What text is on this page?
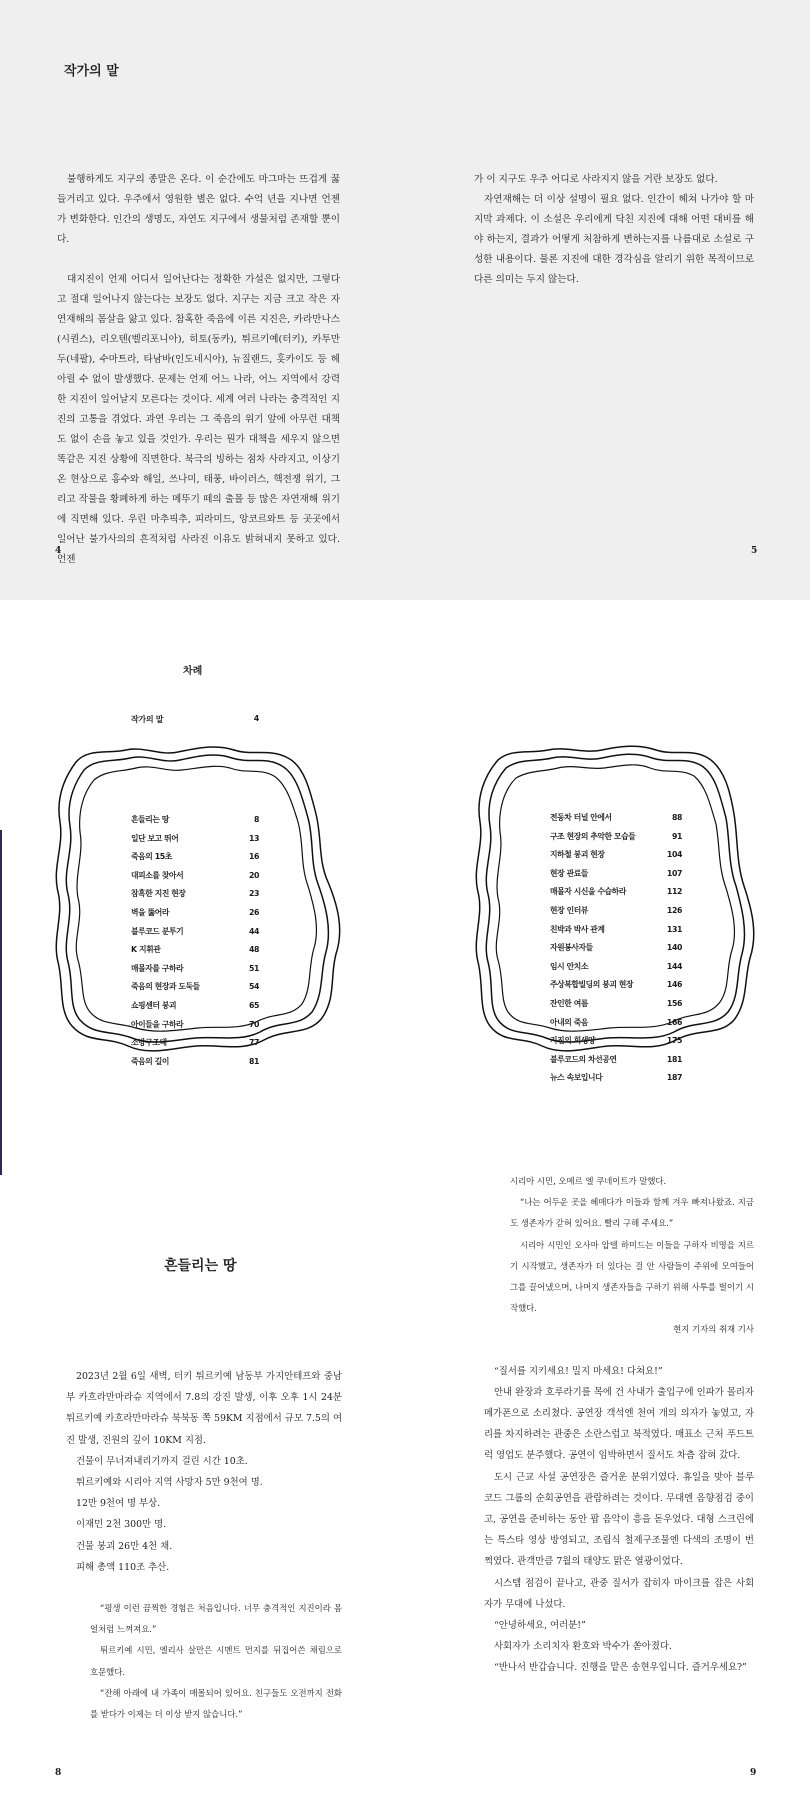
작가의 말

불행하게도 지구의 종말은 온다. 이 순간에도 마그마는 뜨겁게 꿇들거리고 있다. 우주에서 영원한 별은 없다. 수억 년을 지나면 언젠가 변화한다. 인간의 생명도, 자연도 지구에서 생물처럼 존재할 뿐이다.

대지진이 언제 어디서 일어난다는 정확한 가설은 없지만, 그렇다고 절대 일어나지 않는다는 보장도 없다. 지구는 지금 크고 작은 자연재해의 몸살을 앓고 있다. 참혹한 죽음에 이른 지진은, 카라만나스(시퀀스), 리오텐(벨리포니아), 히토(동카), 튀르키예(터키), 카투만두(네팔), 수마트라, 타남바(인도네시아), 뉴질랜드, 홋카이도 등 헤아릴 수 없이 발생했다. 문제는 언제 어느 나라, 어느 지역에서 강력한 지진이 일어날지 모른다는 것이다. 세계 여러 나라는 충격적인 지진의 고통을 겪었다. 과연 우리는 그 죽음의 위기 앞에 아무런 대책도 없이 손을 놓고 있을 것인가. 우리는 뭔가 대책을 세우지 않으면 똑같은 지진 상황에 직면한다. 북극의 빙하는 점차 사라지고, 이상기온 현상으로 홍수와 해일, 쓰나미, 태풍, 바이러스, 핵전쟁 위기, 그리고 작물을 황폐하게 하는 메뚜기 떼의 출몰 등 많은 자연재해 위기에 직면해 있다. 우린 마추픽추, 피라미드, 앙코르와트 등 곳곳에서 일어난 불가사의의 흔적처럼 사라진 이유도 밝혀내지 못하고 있다. 언젠

가 이 지구도 우주 어디로 사라지지 않을 거란 보장도 없다.

자연재해는 더 이상 설명이 필요 없다. 인간이 헤쳐 나가야 할 마지막 과제다. 이 소설은 우리에게 닥친 지진에 대해 어떤 대비를 해야 하는지, 결과가 어떻게 처참하게 변하는지를 나름대로 소설로 구성한 내용이다. 물론 지진에 대한 경각심을 알리기 위한 목적이므로 다른 의미는 두지 않는다.

4	5
차례
작가의 말	4
흔들리는 땅	8
일단 보고 뛰어	13
죽음의 15초	16
대피소를 찾아서	20
참혹한 지진 현장	23
벽을 뚫어라	26
블루코드 분투기	44
K 지휘관	48
매몰자를 구하라	51
죽음의 현장과 도둑들	54
쇼핑센터 붕괴	65
아이들을 구하라	70
소방구조대	77
죽음의 길이	81
전동차 터널 안에서	88
구조 현장의 추악한 모습들	91
지하철 붕괴 현장	104
현장 관료들	107
매몰자 시신을 수습하라	112
현장 인터뷰	126
친박과 박사 관계	131
자원봉사자들	140
임시 안치소	144
주상복합빌딩의 붕괴 현장	146
잔인한 여름	156
아내의 죽음	166
지진의 희생양	175
블루코드의 차선공연	181
뉴스 속보입니다	187
흔들리는 땅

2023년 2월 6일 새벽, 터키 튀르키예 남동부 가지안테프와 중남부 카흐라만마라슈 지역에서 7.8의 강진 발생, 이후 오후 1시 24분 튀르키예 카흐라만마라슈 북북동 쪽 59KM 지점에서 규모 7.5의 여진 발생, 진원의 깊이 10KM 지점.

건물이 무너져내리기까지 걸린 시간 10초.

튀르키예와 시리아 지역 사망자 5만 9천여 명.

12만 9천여 명 부상.

이재민 2천 300만 명.

건물 붕괴 26만 4천 채.

피해 총액 110조 추산.

“평생 이런 끔찍한 경험은 처음입니다. 너무 충격적인 지진이라 몸 얼처럼 느껴져요.”

튀르키예 시민, 엘리사 살만은 시멘트 먼지를 뒤집어쓴 채림으로 호문했다.

“잔해 아래에 내 가족이 매몰되어 있어요. 친구들도 오전까지 전화를 받다가 이제는 더 이상 받지 않습니다.”

시리아 시민, 오메르 엘 쿠네이트가 말했다.

“나는 어두운 곳을 헤매다가 이들과 함께 겨우 빠져나왔죠. 지금도 생존자가 갇혀 있어요. 빨리 구해 주세요.”

시리아 시민인 오사마 압델 하미드는 이들을 구하자 비명을 지르기 시작했고, 생존자가 더 있다는 걸 안 사람들이 주위에 모여들어 그를 끌어냈으며, 나머지 생존자들을 구하기 위해 사투를 벌이기 시작했다.

현지 기자의 취재 기사

“질서를 지키세요! 밀지 마세요! 다쳐요!”

안내 완장과 호루라기를 목에 건 사내가 출입구에 인파가 몰리자 메가폰으로 소리쳤다. 공연장 객석엔 천여 개의 의자가 놓였고, 자리를 차지하려는 관중은 소란스럽고 북적였다. 매표소 근처 푸드트럭 영업도 분주했다. 공연이 임박하면서 질서도 차츰 잡혀 갔다.

도시 근교 사설 공연장은 즐거운 분위기였다. 휴일을 맞아 블루코드 그룹의 순회공연을 관람하려는 것이다. 무대엔 음향점검 중이고, 공연을 준비하는 동안 팝 음악이 흥을 돋우었다. 대형 스크린에는 특스타 영상 방영되고, 조립식 철제구조물엔 다색의 조명이 번쩍였다. 관객만큼 7월의 태양도 맑은 열광이었다.

시스템 점검이 끝나고, 관중 질서가 잡히자 마이크를 잡은 사회자가 무대에 나섰다.

“안녕하세요, 여러분!”

사회자가 소리치자 환호와 박수가 쏟아졌다.

“반나서 반갑습니다. 진행을 맡은 송현우입니다. 즐거우세요?”

8	9
